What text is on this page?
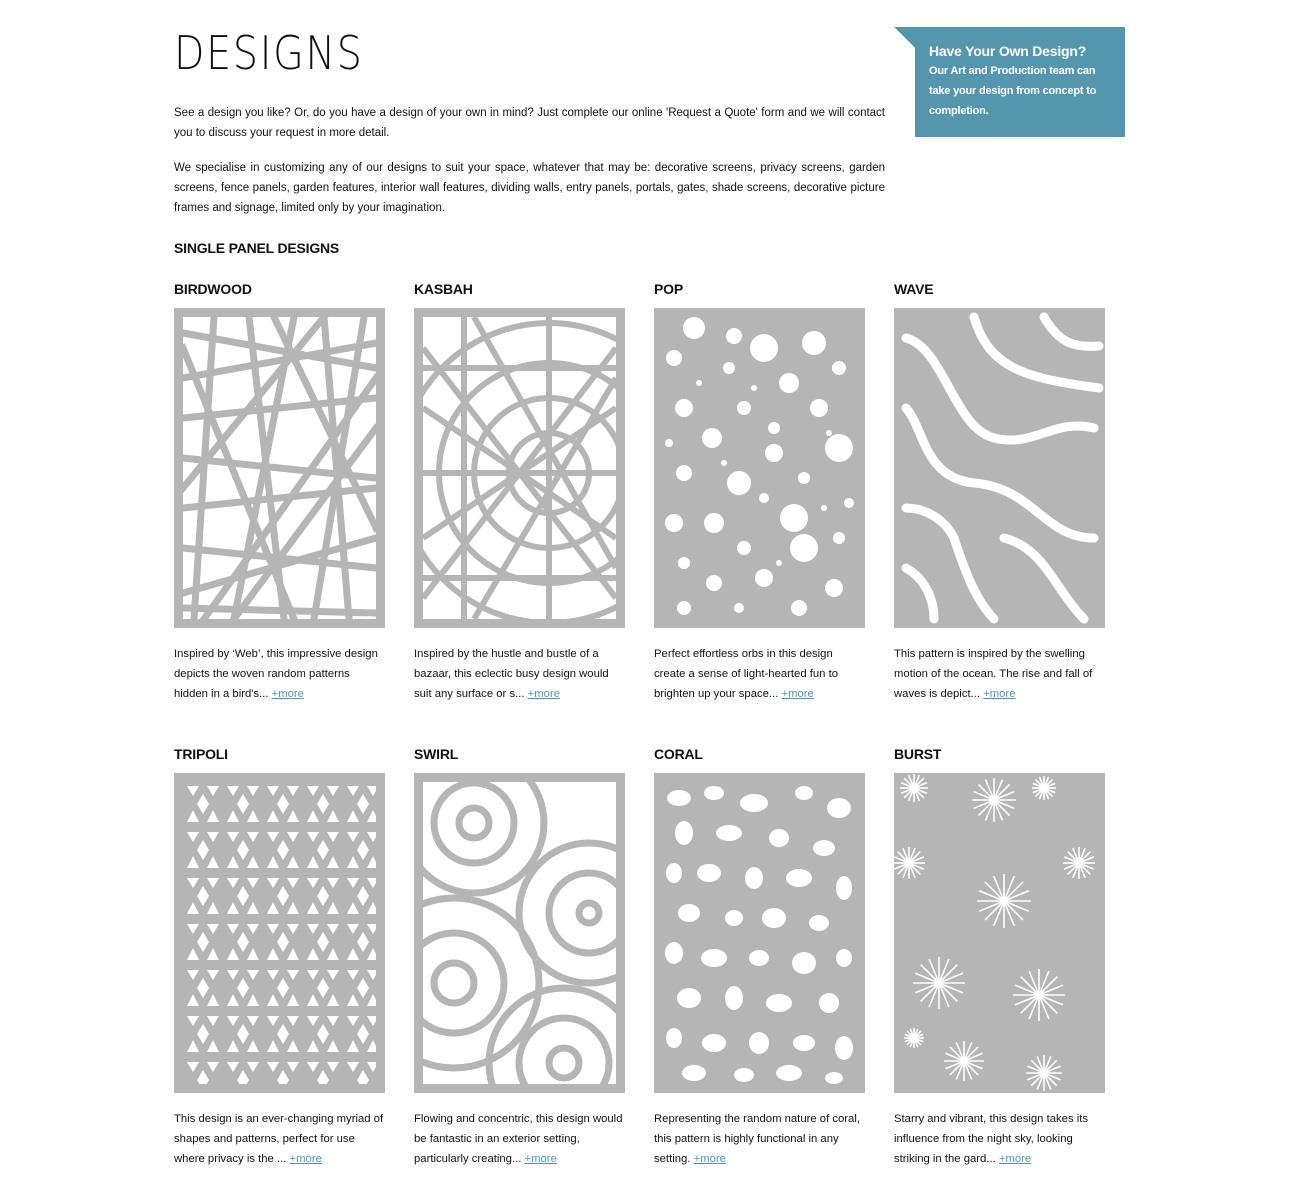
DESIGNS

See a design you like? Or, do you have a design of your own in mind? Just complete our online 'Request a Quote' form and we will contact you to discuss your request in more detail.

We specialise in customizing any of our designs to suit your space, whatever that may be: decorative screens, privacy screens, garden screens, fence panels, garden features, interior wall features, dividing walls, entry panels, portals, gates, shade screens, decorative picture frames and signage, limited only by your imagination.

Have Your Own Design?

Our Art and Production team can take your design from concept to completion.

SINGLE PANEL DESIGNS
BIRDWOOD

Inspired by ‘Web’, this impressive design depicts the woven random patterns hidden in a bird's... +more

KASBAH

Inspired by the hustle and bustle of a bazaar, this eclectic busy design would suit any surface or s... +more

POP

Perfect effortless orbs in this design create a sense of light-hearted fun to brighten up your space... +more

WAVE

This pattern is inspired by the swelling motion of the ocean. The rise and fall of waves is depict... +more

TRIPOLI

This design is an ever-changing myriad of shapes and patterns, perfect for use where privacy is the ... +more

SWIRL

Flowing and concentric, this design would be fantastic in an exterior setting, particularly creating... +more

CORAL

Representing the random nature of coral, this pattern is highly functional in any setting. +more

BURST

Starry and vibrant, this design takes its influence from the night sky, looking striking in the gard... +more
